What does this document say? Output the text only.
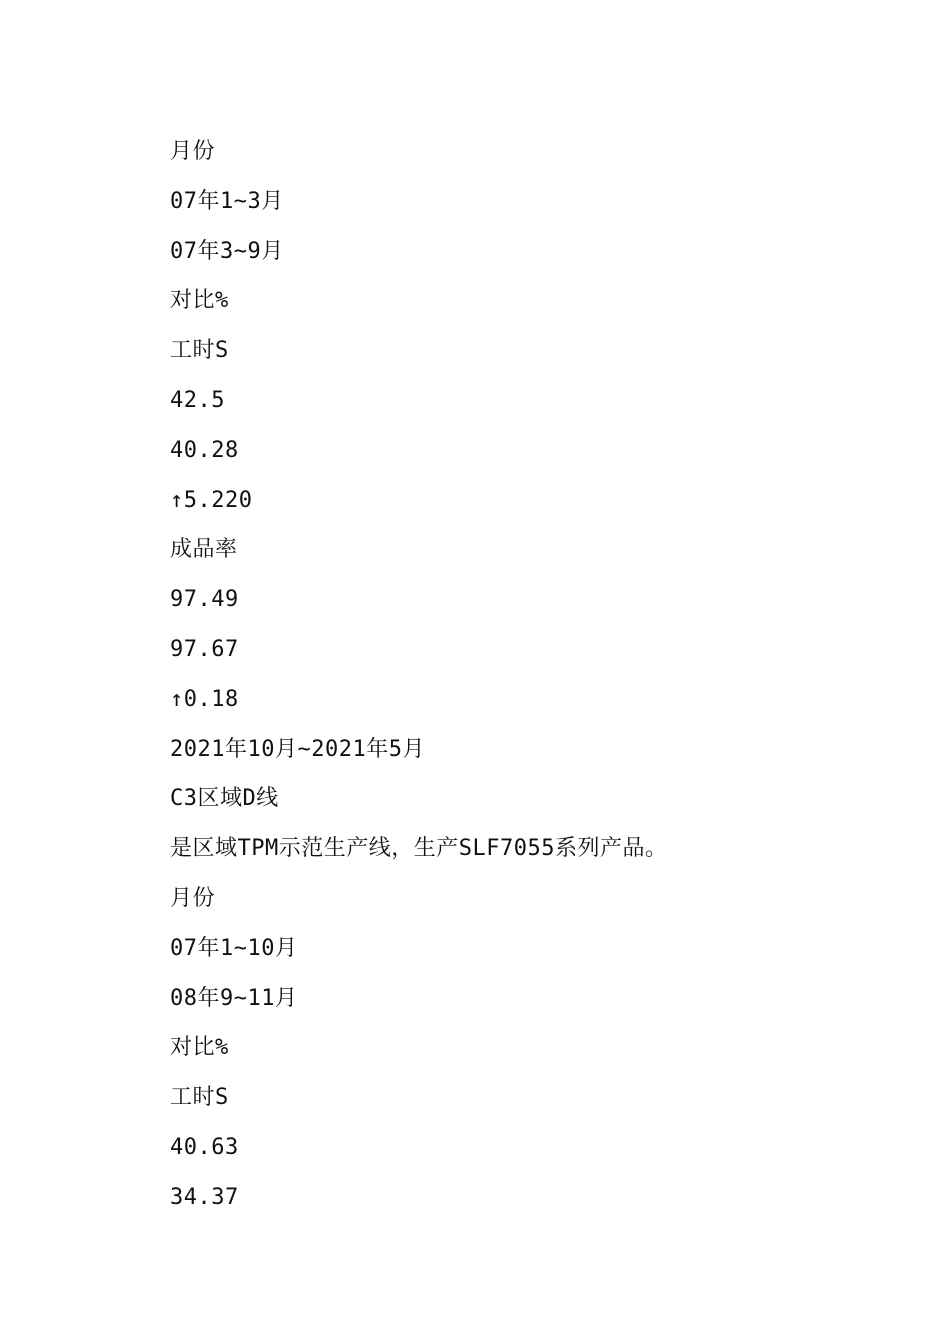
月份
07年1~3月
07年3~9月
对比%
工时S
42.5
40.28
↑5.220
成品率
97.49
97.67
↑0.18
2021年10月~2021年5月
C3区域D线
是区域TPM示范生产线，生产SLF7055系列产品。
月份
07年1~10月
08年9~11月
对比%
工时S
40.63
34.37
